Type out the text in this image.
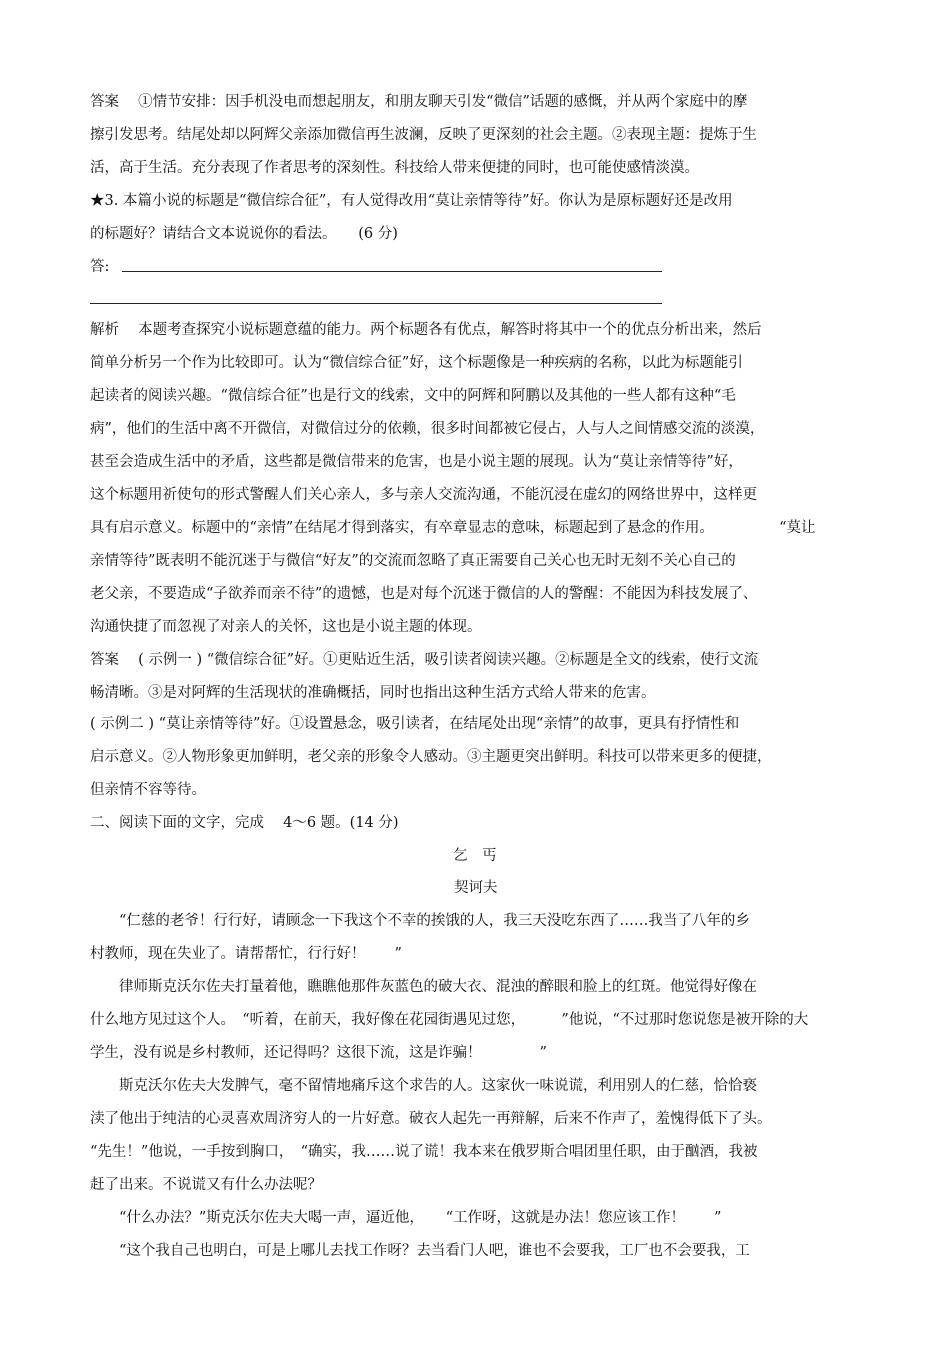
答案　 ①情节安排：因手机没电而想起朋友，和朋友聊天引发“微信”话题的感慨，并从两个家庭中的摩
擦引发思考。结尾处却以阿辉父亲添加微信再生波澜，反映了更深刻的社会主题。②表现主题：提炼于生
活，高于生活。充分表现了作者思考的深刻性。科技给人带来便捷的同时，也可能使感情淡漠。
★3. 本篇小说的标题是“微信综合征”，有人觉得改用“莫让亲情等待”好。你认为是原标题好还是改用
的标题好？请结合文本说说你的看法。　　(6 分)
答:
解析　 本题考查探究小说标题意蕴的能力。两个标题各有优点，解答时将其中一个的优点分析出来，然后
简单分析另一个作为比较即可。认为“微信综合征”好，这个标题像是一种疾病的名称，以此为标题能引
起读者的阅读兴趣。“微信综合征”也是行文的线索，文中的阿辉和阿鹏以及其他的一些人都有这种“毛
病”，他们的生活中离不开微信，对微信过分的依赖，很多时间都被它侵占，人与人之间情感交流的淡漠，
甚至会造成生活中的矛盾，这些都是微信带来的危害，也是小说主题的展现。认为“莫让亲情等待”好，
这个标题用祈使句的形式警醒人们关心亲人，多与亲人交流沟通，不能沉浸在虚幻的网络世界中，这样更
具有启示意义。标题中的“亲情”在结尾才得到落实，有卒章显志的意味，标题起到了悬念的作用。　　　　　“莫让
亲情等待”既表明不能沉迷于与微信“好友”的交流而忽略了真正需要自己关心也无时无刻不关心自己的
老父亲，不要造成“子欲养而亲不待”的遗憾，也是对每个沉迷于微信的人的警醒：不能因为科技发展了、
沟通快捷了而忽视了对亲人的关怀，这也是小说主题的体现。
答案　 ( 示例一 ) “微信综合征”好。①更贴近生活，吸引读者阅读兴趣。②标题是全文的线索，使行文流
畅清晰。③是对阿辉的生活现状的准确概括，同时也指出这种生活方式给人带来的危害。
( 示例二 ) “莫让亲情等待”好。①设置悬念，吸引读者，在结尾处出现“亲情”的故事，更具有抒情性和
启示意义。②人物形象更加鲜明，老父亲的形象令人感动。③主题更突出鲜明。科技可以带来更多的便捷，
但亲情不容等待。
二、阅读下面的文字，完成　 4～6 题。(14 分)
乞　丐
契诃夫
　　“仁慈的老爷！行行好，请顾念一下我这个不幸的挨饿的人，我三天没吃东西了……我当了八年的乡
村教师，现在失业了。请帮帮忙，行行好！　　”
　　律师斯克沃尔佐夫打量着他，瞧瞧他那件灰蓝色的破大衣、混浊的醉眼和脸上的红斑。他觉得好像在
什么地方见过这个人。　“听着，在前天，我好像在花园街遇见过您，　　　”他说，“不过那时您说您是被开除的大
学生，没有说是乡村教师，还记得吗？这很下流，这是诈骗！　　　　”
　　斯克沃尔佐夫大发脾气，毫不留情地痛斥这个求告的人。这家伙一味说谎，利用别人的仁慈，恰恰亵
渎了他出于纯洁的心灵喜欢周济穷人的一片好意。破衣人起先一再辩解，后来不作声了，羞愧得低下了头。
“先生！”他说，一手按到胸口，　“确实，我……说了谎！我本来在俄罗斯合唱团里任职，由于酗酒，我被
赶了出来。不说谎又有什么办法呢？
　　“什么办法？”斯克沃尔佐夫大喝一声，逼近他，　　“工作呀，这就是办法！您应该工作！　　”
　　“这个我自己也明白，可是上哪儿去找工作呀？去当看门人吧，谁也不会要我，工厂也不会要我，工
